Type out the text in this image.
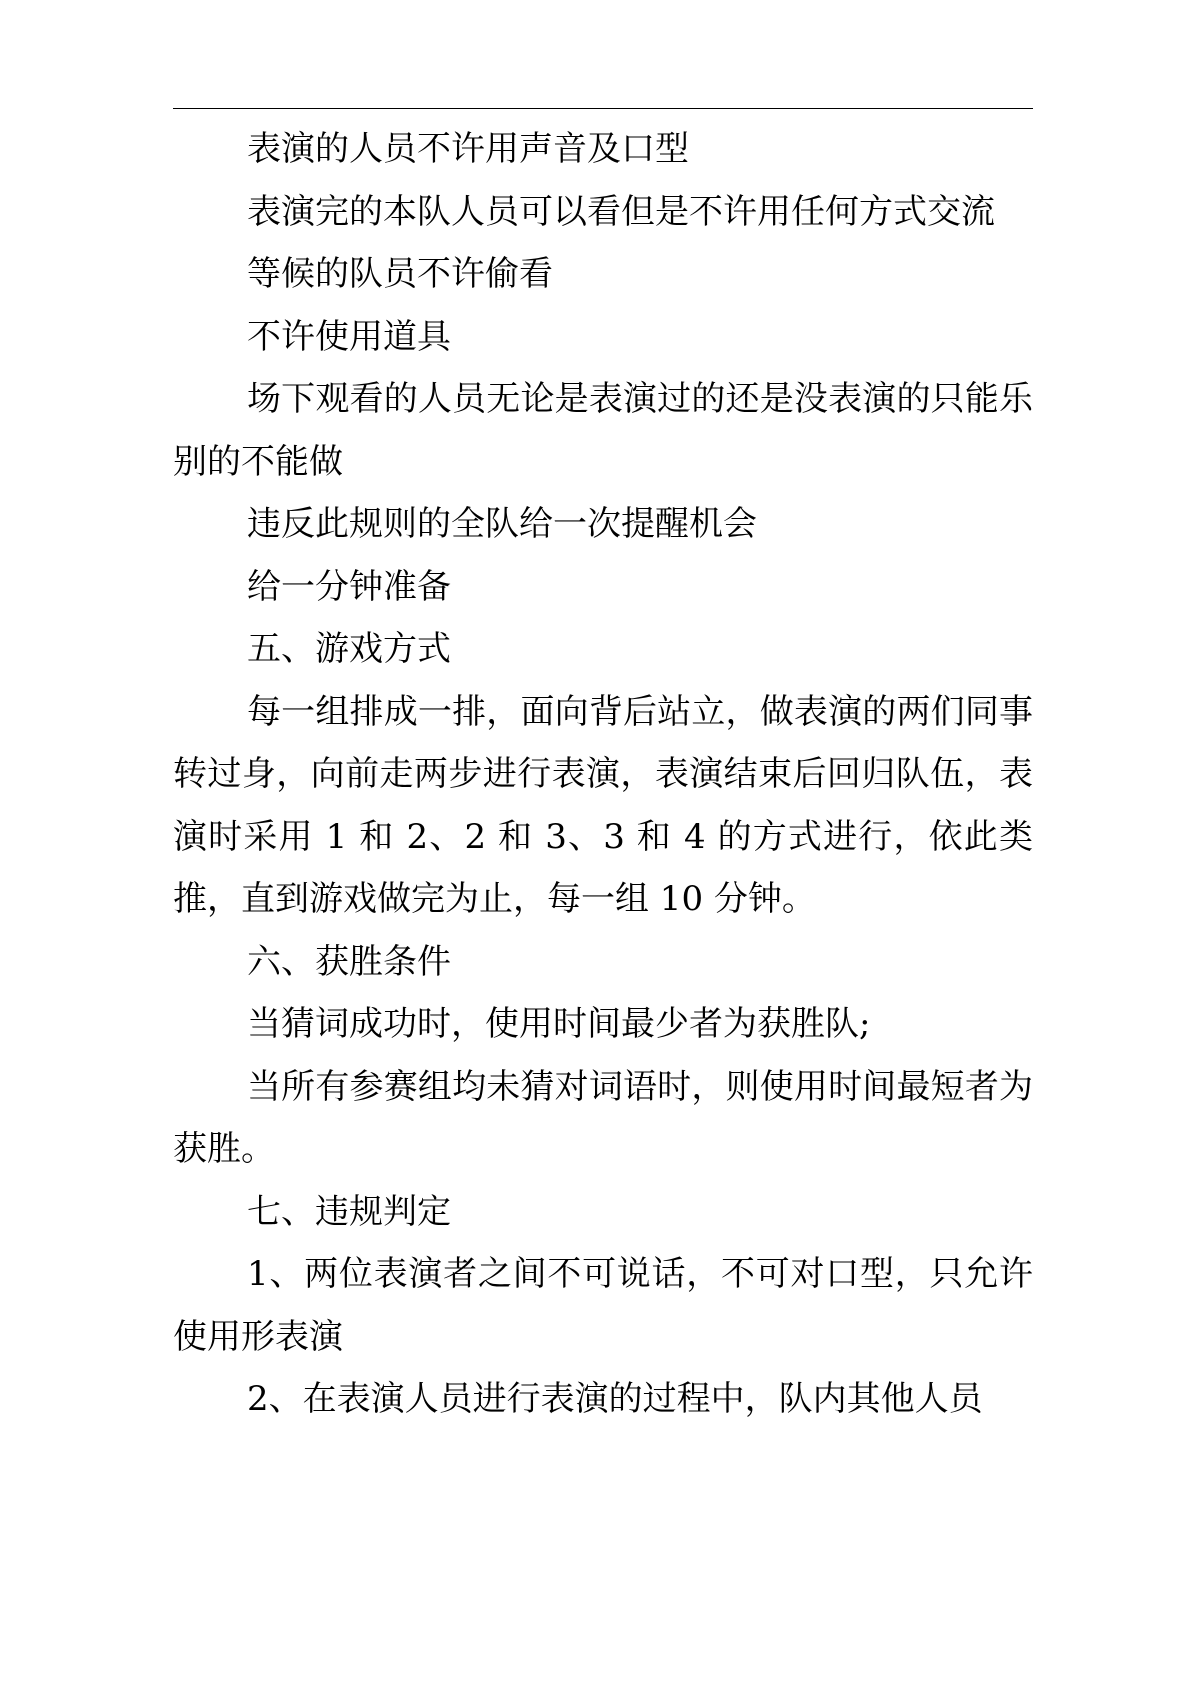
表演的人员不许用声音及口型

表演完的本队人员可以看但是不许用任何方式交流

等候的队员不许偷看

不许使用道具

场下观看的人员无论是表演过的还是没表演的只能乐别的不能做

违反此规则的全队给一次提醒机会

给一分钟准备

五、游戏方式

每一组排成一排，面向背后站立，做表演的两们同事转过身，向前走两步进行表演，表演结束后回归队伍，表演时采用 1 和 2、2 和 3、3 和 4 的方式进行，依此类推，直到游戏做完为止，每一组 10 分钟。

六、获胜条件

当猜词成功时，使用时间最少者为获胜队;

当所有参赛组均未猜对词语时，则使用时间最短者为获胜。

七、违规判定

1、两位表演者之间不可说话，不可对口型，只允许使用形表演

2、在表演人员进行表演的过程中，队内其他人员
